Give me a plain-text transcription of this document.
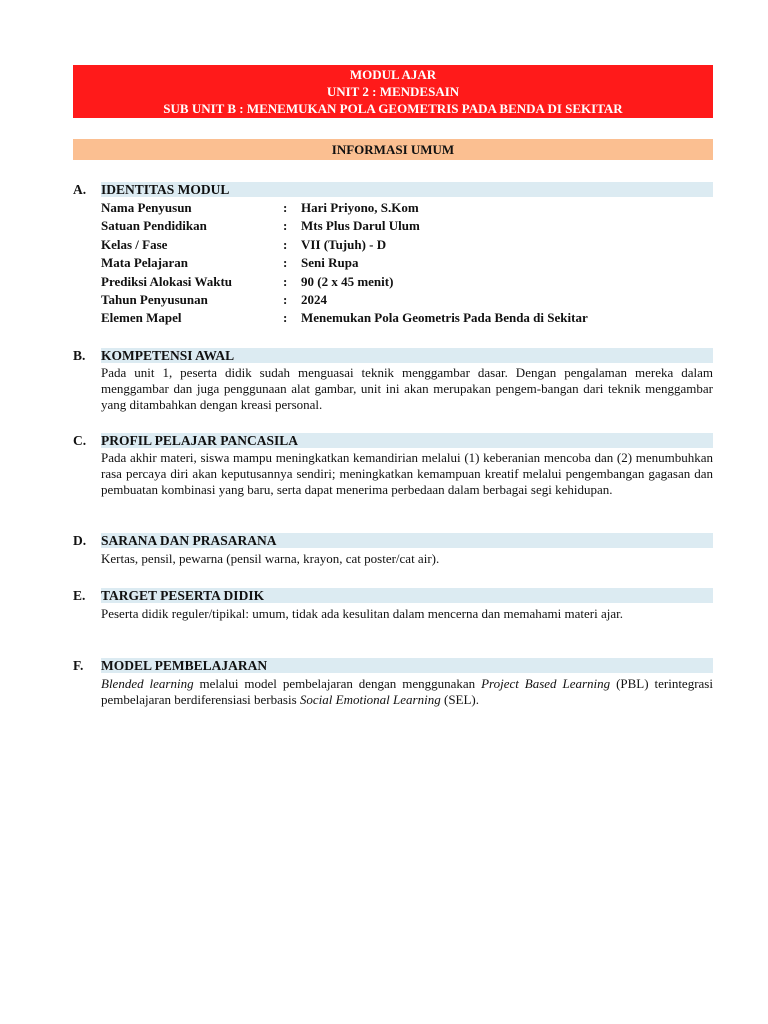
MODUL AJAR
UNIT 2 : MENDESAIN
SUB UNIT B : MENEMUKAN POLA GEOMETRIS PADA BENDA DI SEKITAR
INFORMASI UMUM
A. IDENTITAS MODUL
Nama Penyusun	: Hari Priyono, S.Kom
Satuan Pendidikan	: Mts Plus Darul Ulum
Kelas / Fase	: VII (Tujuh) - D
Mata Pelajaran	: Seni Rupa
Prediksi Alokasi Waktu	: 90 (2 x 45 menit)
Tahun Penyusunan	: 2024
Elemen Mapel	: Menemukan Pola Geometris Pada Benda di Sekitar
B. KOMPETENSI AWAL
Pada unit 1, peserta didik sudah menguasai teknik menggambar dasar. Dengan pengalaman mereka dalam menggambar dan juga penggunaan alat gambar, unit ini akan merupakan pengem-bangan dari teknik menggambar yang ditambahkan dengan kreasi personal.
C. PROFIL PELAJAR PANCASILA
Pada akhir materi, siswa mampu meningkatkan kemandirian melalui (1) keberanian mencoba dan (2) menumbuhkan rasa percaya diri akan keputusannya sendiri; meningkatkan kemampuan kreatif melalui pengembangan gagasan dan pembuatan kombinasi yang baru, serta dapat menerima perbedaan dalam berbagai segi kehidupan.
D. SARANA DAN PRASARANA
Kertas, pensil, pewarna (pensil warna, krayon, cat poster/cat air).
E. TARGET PESERTA DIDIK
Peserta didik reguler/tipikal: umum, tidak ada kesulitan dalam mencerna dan memahami materi ajar.
F. MODEL PEMBELAJARAN
Blended learning melalui model pembelajaran dengan menggunakan Project Based Learning (PBL) terintegrasi pembelajaran berdiferensiasi berbasis Social Emotional Learning (SEL).
